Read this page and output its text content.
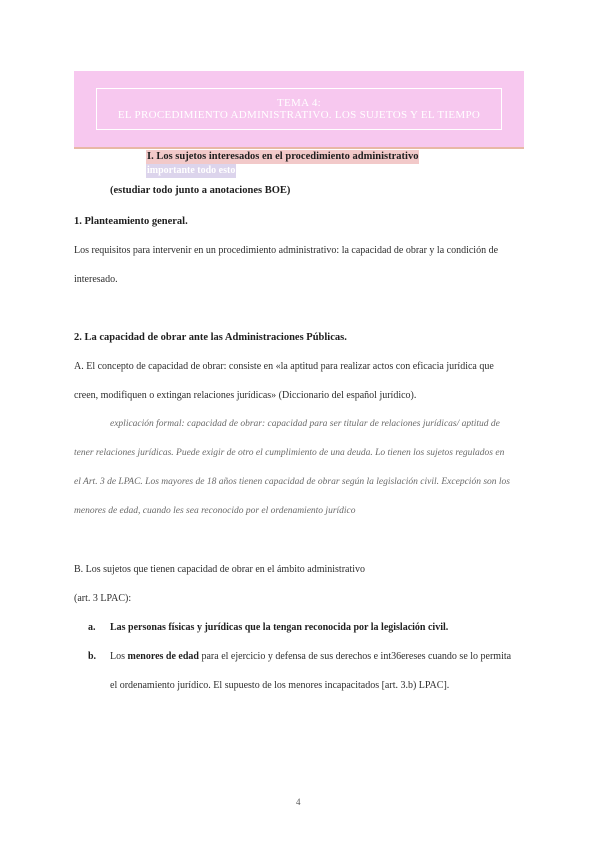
TEMA 4:
EL PROCEDIMIENTO ADMINISTRATIVO. LOS SUJETOS Y EL TIEMPO
I. Los sujetos interesados en el procedimiento administrativo
importante todo esto
(estudiar todo junto a anotaciones BOE)
1. Planteamiento general.
Los requisitos para intervenir en un procedimiento administrativo: la capacidad de obrar y la condición de
interesado.
2. La capacidad de obrar ante las Administraciones Públicas.
A. El concepto de capacidad de obrar: consiste en «la aptitud para realizar actos con eficacia jurídica que
creen, modifiquen o extingan relaciones jurídicas» (Diccionario del español jurídico).
explicación formal: capacidad de obrar: capacidad para ser titular de relaciones jurídicas/ aptitud de
tener relaciones jurídicas. Puede exigir de otro el cumplimiento de una deuda. Lo tienen los sujetos regulados en
el Art. 3 de LPAC. Los mayores de 18 años tienen capacidad de obrar según la legislación civil. Excepción son los
menores de edad, cuando les sea reconocido por el ordenamiento jurídico
B. Los sujetos que tienen capacidad de obrar en el ámbito administrativo
(art. 3 LPAC):
a. Las personas físicas y jurídicas que la tengan reconocida por la legislación civil.
b. Los menores de edad para el ejercicio y defensa de sus derechos e int36ereses cuando se lo permita
el ordenamiento jurídico. El supuesto de los menores incapacitados [art. 3.b) LPAC].
4
